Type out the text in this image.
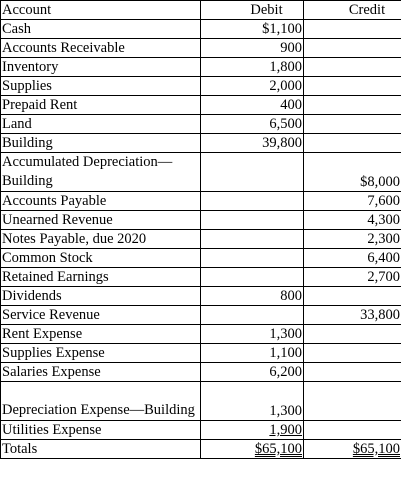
Account	Debit	Credit
Cash	$1,100	
Accounts Receivable	900	
Inventory	1,800	
Supplies	2,000	
Prepaid Rent	400	
Land	6,500	
Building	39,800	
Accumulated Depreciation—Building		$8,000
Accounts Payable		7,600
Unearned Revenue		4,300
Notes Payable, due 2020		2,300
Common Stock		6,400
Retained Earnings		2,700
Dividends	800	
Service Revenue		33,800
Rent Expense	1,300	
Supplies Expense	1,100	
Salaries Expense	6,200	
Depreciation Expense—Building	1,300	
Utilities Expense	1,900	
Totals	$65,100	$65,100
